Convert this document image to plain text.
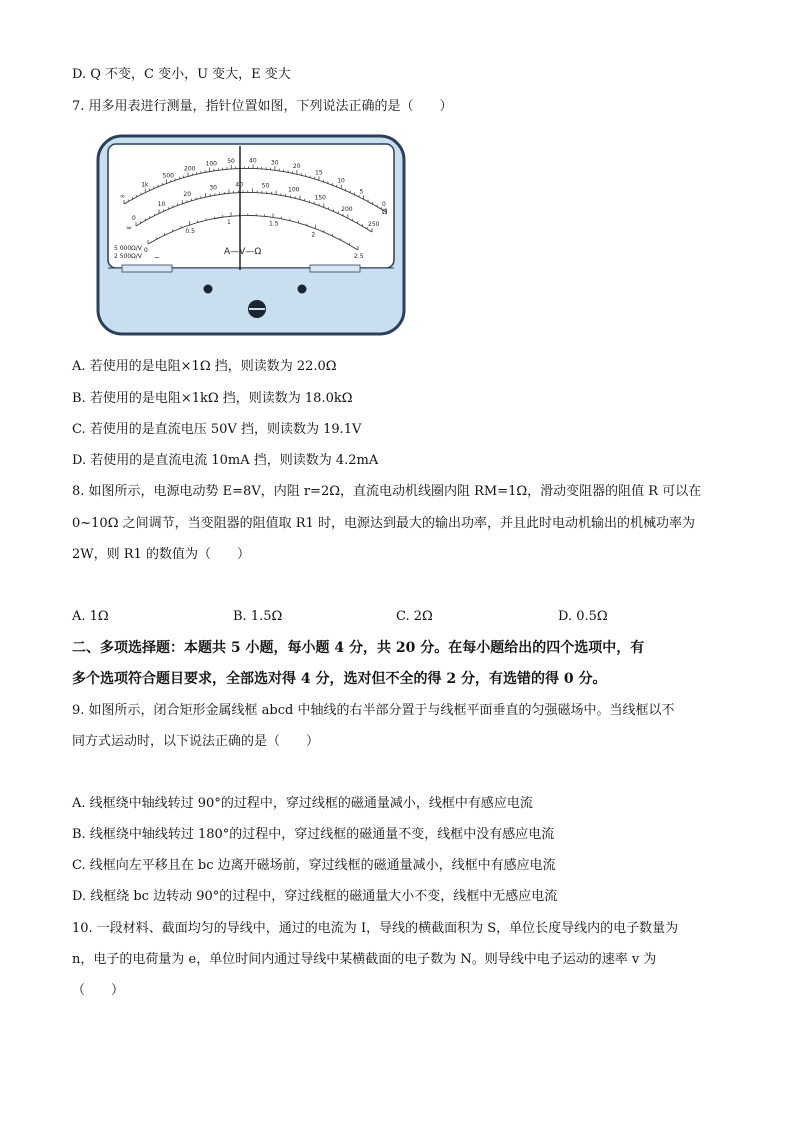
D. Q 不变，C 变小，U 变大，E 变大
7. 用多用表进行测量，指针位置如图，下列说法正确的是（　　）
∞
1k
500
200
100 50 40 30
20
15
10
5
0
0
10
20
30	40	50
100
150
200
250
0
0.5
1	1.5
2
2.5
A—V—Ω
Ω
5 000Ω/V
2 500Ω/V ~
≃
A. 若使用的是电阻×1Ω 挡，则读数为 22.0Ω
B. 若使用的是电阻×1kΩ 挡，则读数为 18.0kΩ
C. 若使用的是直流电压 50V 挡，则读数为 19.1V
D. 若使用的是直流电流 10mA 挡，则读数为 4.2mA
8. 如图所示，电源电动势 E=8V，内阻 r=2Ω，直流电动机线圈内阻 RM=1Ω，滑动变阻器的阻值 R 可以在
0~10Ω 之间调节，当变阻器的阻值取 R1 时，电源达到最大的输出功率，并且此时电动机输出的机械功率为
2W，则 R1 的数值为（　　）
A. 1Ω	B. 1.5Ω	C. 2Ω	D. 0.5Ω
二、多项选择题：本题共 5 小题，每小题 4 分，共 20 分。在每小题给出的四个选项中，有
多个选项符合题目要求，全部选对得 4 分，选对但不全的得 2 分，有选错的得 0 分。
9. 如图所示，闭合矩形金属线框 abcd 中轴线的右半部分置于与线框平面垂直的匀强磁场中。当线框以不
同方式运动时，以下说法正确的是（　　）
A. 线框绕中轴线转过 90°的过程中，穿过线框的磁通量减小，线框中有感应电流
B. 线框绕中轴线转过 180°的过程中，穿过线框的磁通量不变，线框中没有感应电流
C. 线框向左平移且在 bc 边离开磁场前，穿过线框的磁通量减小，线框中有感应电流
D. 线框绕 bc 边转动 90°的过程中，穿过线框的磁通量大小不变，线框中无感应电流
10. 一段材料、截面均匀的导线中，通过的电流为 I，导线的横截面积为 S，单位长度导线内的电子数量为
n，电子的电荷量为 e，单位时间内通过导线中某横截面的电子数为 N。则导线中电子运动的速率 v 为
（　　）
